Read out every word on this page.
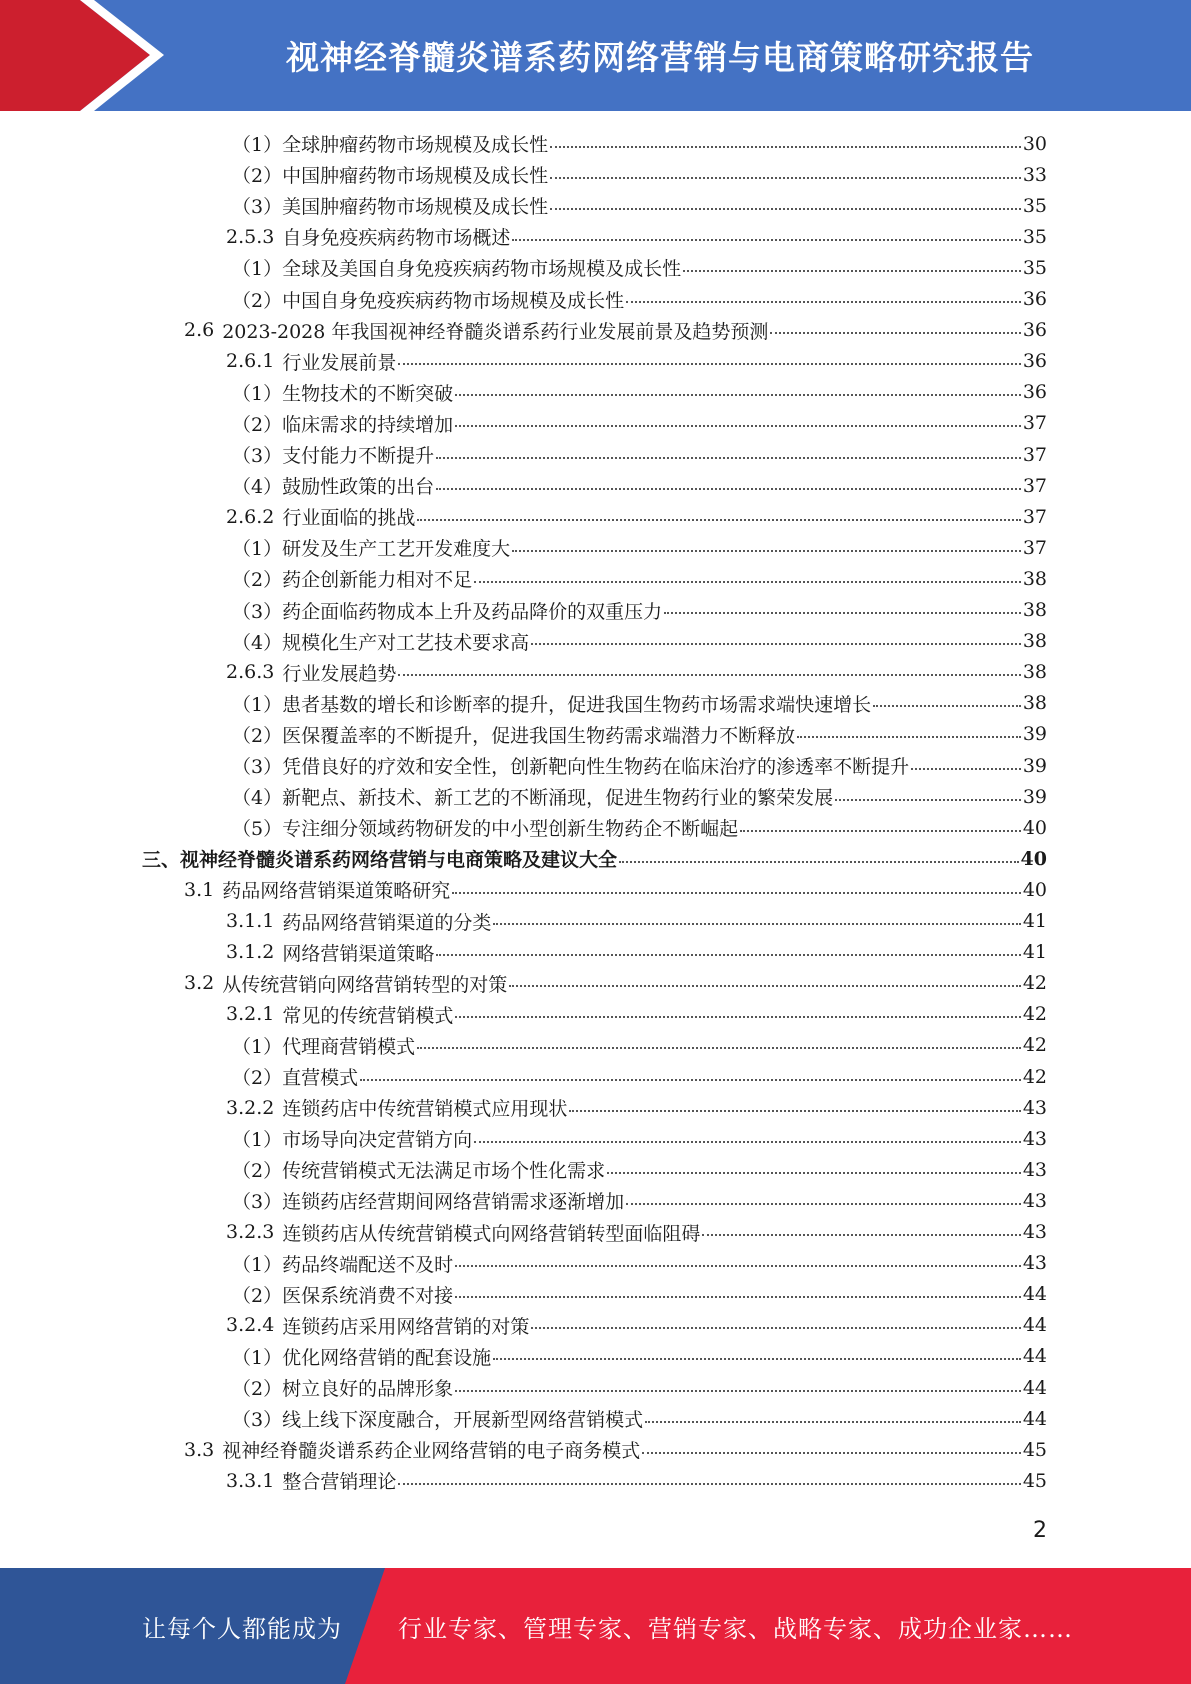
视神经脊髓炎谱系药网络营销与电商策略研究报告
（1） 全球肿瘤药物市场规模及成长性	30
（2） 中国肿瘤药物市场规模及成长性	33
（3） 美国肿瘤药物市场规模及成长性	35
2.5.3 自身免疫疾病药物市场概述	35
（1） 全球及美国自身免疫疾病药物市场规模及成长性	35
（2） 中国自身免疫疾病药物市场规模及成长性	36
2.6 2023-2028 年我国视神经脊髓炎谱系药行业发展前景及趋势预测	36
2.6.1 行业发展前景	36
（1） 生物技术的不断突破	36
（2） 临床需求的持续增加	37
（3） 支付能力不断提升	37
（4） 鼓励性政策的出台	37
2.6.2 行业面临的挑战	37
（1） 研发及生产工艺开发难度大	37
（2） 药企创新能力相对不足	38
（3） 药企面临药物成本上升及药品降价的双重压力	38
（4） 规模化生产对工艺技术要求高	38
2.6.3 行业发展趋势	38
（1） 患者基数的增长和诊断率的提升，促进我国生物药市场需求端快速增长	38
（2） 医保覆盖率的不断提升，促进我国生物药需求端潜力不断释放	39
（3） 凭借良好的疗效和安全性，创新靶向性生物药在临床治疗的渗透率不断提升	39
（4） 新靶点、新技术、新工艺的不断涌现，促进生物药行业的繁荣发展	39
（5） 专注细分领域药物研发的中小型创新生物药企不断崛起	40
三、 视神经脊髓炎谱系药网络营销与电商策略及建议大全	40
3.1 药品网络营销渠道策略研究	40
3.1.1 药品网络营销渠道的分类	41
3.1.2 网络营销渠道策略	41
3.2 从传统营销向网络营销转型的对策	42
3.2.1 常见的传统营销模式	42
（1） 代理商营销模式	42
（2） 直营模式	42
3.2.2 连锁药店中传统营销模式应用现状	43
（1） 市场导向决定营销方向	43
（2） 传统营销模式无法满足市场个性化需求	43
（3） 连锁药店经营期间网络营销需求逐渐增加	43
3.2.3 连锁药店从传统营销模式向网络营销转型面临阻碍	43
（1） 药品终端配送不及时	43
（2） 医保系统消费不对接	44
3.2.4 连锁药店采用网络营销的对策	44
（1） 优化网络营销的配套设施	44
（2） 树立良好的品牌形象	44
（3） 线上线下深度融合，开展新型网络营销模式	44
3.3 视神经脊髓炎谱系药企业网络营销的电子商务模式	45
3.3.1 整合营销理论	45
2
让每个人都能成为 行业专家、管理专家、营销专家、战略专家、成功企业家……
